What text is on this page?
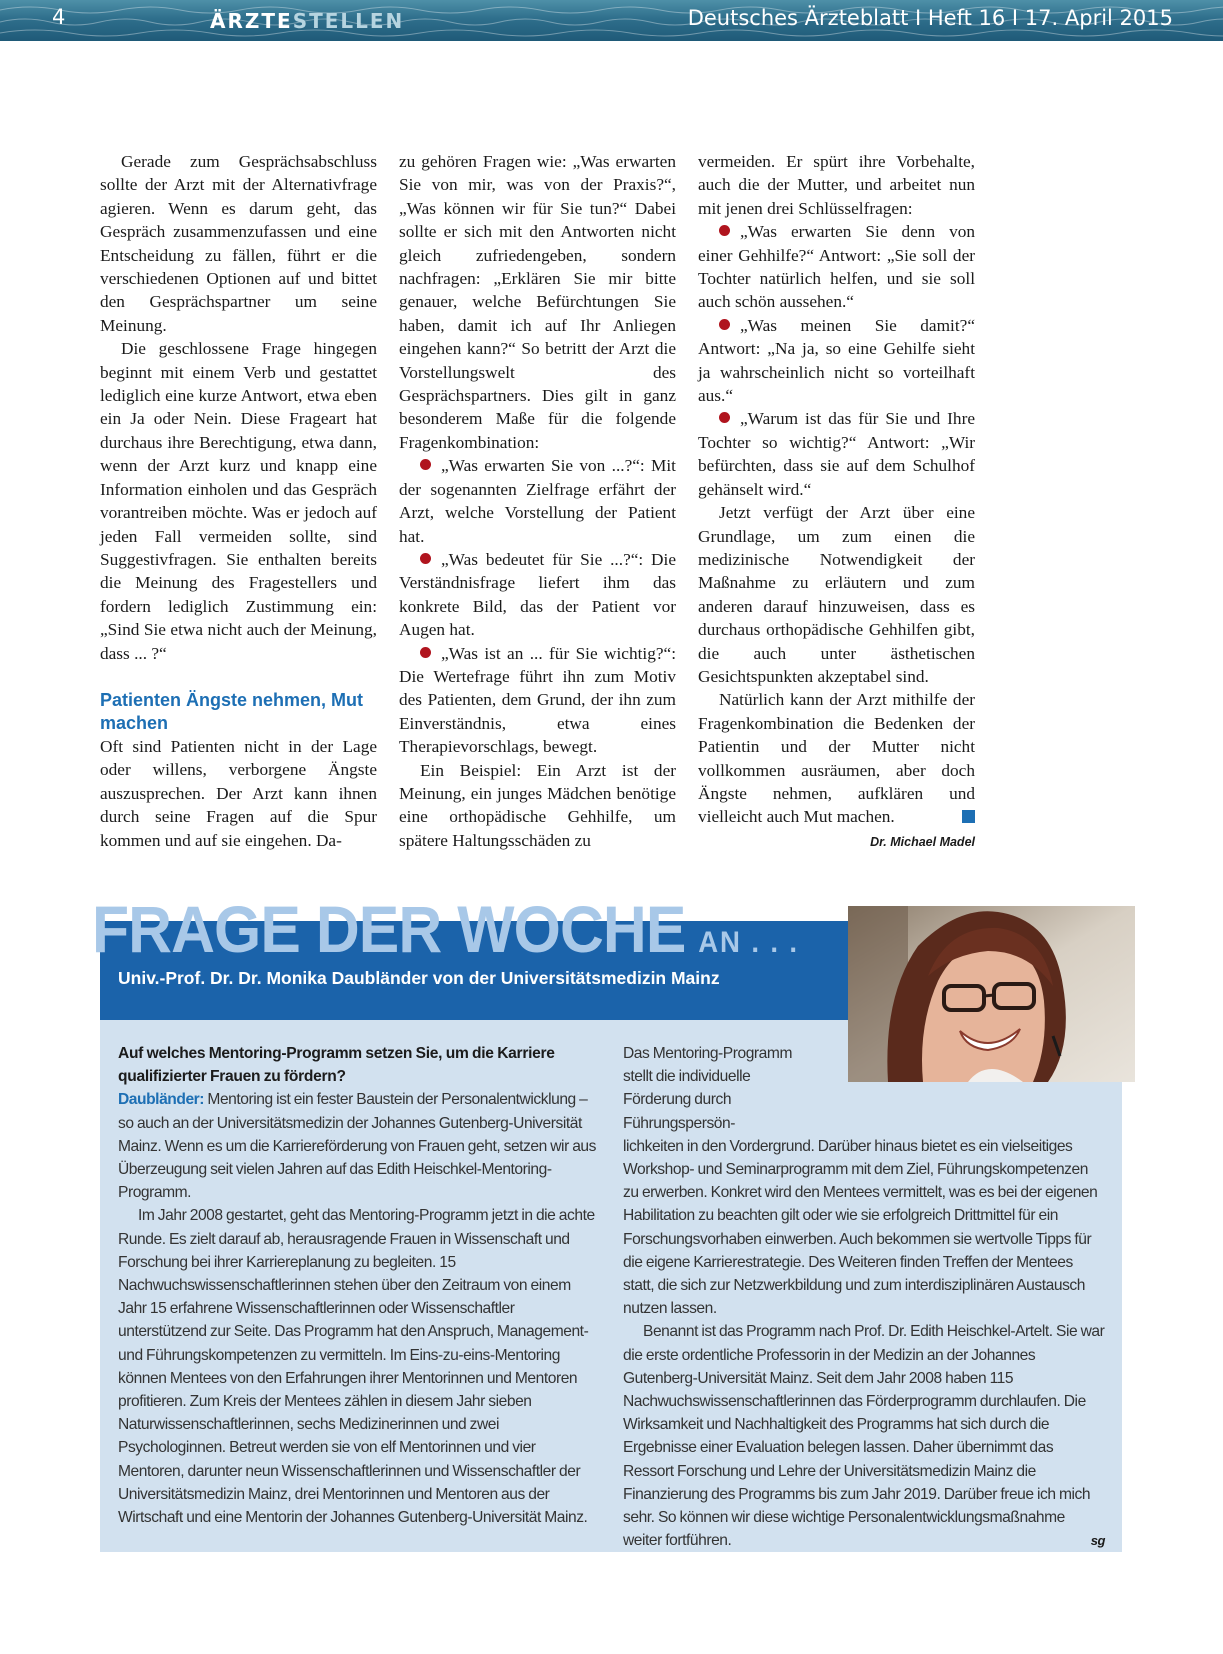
4	ÄRZTESTELLEN	Deutsches Ärzteblatt I Heft 16 I 17. April 2015

Gerade zum Gesprächsabschluss sollte der Arzt mit der Alternativfrage agieren. Wenn es darum geht, das Gespräch zusammenzufassen und eine Entscheidung zu fällen, führt er die verschiedenen Optionen auf und bittet den Gesprächspartner um seine Meinung.

Die geschlossene Frage hingegen beginnt mit einem Verb und gestattet lediglich eine kurze Antwort, etwa eben ein Ja oder Nein. Diese Frageart hat durchaus ihre Berechtigung, etwa dann, wenn der Arzt kurz und knapp eine Information einholen und das Gespräch vorantreiben möchte. Was er jedoch auf jeden Fall vermeiden sollte, sind Suggestivfragen. Sie enthalten bereits die Meinung des Fragestellers und fordern lediglich Zustimmung ein: „Sind Sie etwa nicht auch der Meinung, dass ... ?“

Patienten Ängste nehmen, Mut machen

Oft sind Patienten nicht in der Lage oder willens, verborgene Ängste auszusprechen. Der Arzt kann ihnen durch seine Fragen auf die Spur kommen und auf sie eingehen. Da-

zu gehören Fragen wie: „Was erwarten Sie von mir, was von der Praxis?“, „Was können wir für Sie tun?“ Dabei sollte er sich mit den Antworten nicht gleich zufriedengeben, sondern nachfragen: „Erklären Sie mir bitte genauer, welche Befürchtungen Sie haben, damit ich auf Ihr Anliegen eingehen kann?“ So betritt der Arzt die Vorstellungswelt des Gesprächspartners. Dies gilt in ganz besonderem Maße für die folgende Fragenkombination:

„Was erwarten Sie von ...?“: Mit der sogenannten Zielfrage erfährt der Arzt, welche Vorstellung der Patient hat.

„Was bedeutet für Sie ...?“: Die Verständnisfrage liefert ihm das konkrete Bild, das der Patient vor Augen hat.

„Was ist an ... für Sie wichtig?“: Die Wertefrage führt ihn zum Motiv des Patienten, dem Grund, der ihn zum Einverständnis, etwa eines Therapievorschlags, bewegt.

Ein Beispiel: Ein Arzt ist der Meinung, ein junges Mädchen benötige eine orthopädische Gehhilfe, um spätere Haltungsschäden zu

vermeiden. Er spürt ihre Vorbehalte, auch die der Mutter, und arbeitet nun mit jenen drei Schlüsselfragen:

„Was erwarten Sie denn von einer Gehhilfe?“ Antwort: „Sie soll der Tochter natürlich helfen, und sie soll auch schön aussehen.“

„Was meinen Sie damit?“ Antwort: „Na ja, so eine Gehilfe sieht ja wahrscheinlich nicht so vorteilhaft aus.“

„Warum ist das für Sie und Ihre Tochter so wichtig?“ Antwort: „Wir befürchten, dass sie auf dem Schulhof gehänselt wird.“

Jetzt verfügt der Arzt über eine Grundlage, um zum einen die medizinische Notwendigkeit der Maßnahme zu erläutern und zum anderen darauf hinzuweisen, dass es durchaus orthopädische Gehhilfen gibt, die auch unter ästhetischen Gesichtspunkten akzeptabel sind.

Natürlich kann der Arzt mithilfe der Fragenkombination die Bedenken der Patientin und der Mutter nicht vollkommen ausräumen, aber doch Ängste nehmen, aufklären und vielleicht auch Mut machen.

Dr. Michael Madel
FRAGE DER WOCHE AN . . .
Univ.-Prof. Dr. Dr. Monika Daubländer von der Universitätsmedizin Mainz

Auf welches Mentoring-Programm setzen Sie, um die Karriere qualifizierter Frauen zu fördern?

Daubländer: Mentoring ist ein fester Baustein der Personalentwicklung – so auch an der Universitätsmedizin der Johannes Gutenberg-Universität Mainz. Wenn es um die Karriereförderung von Frauen geht, setzen wir aus Überzeugung seit vielen Jahren auf das Edith Heischkel-Mentoring-Programm.

Im Jahr 2008 gestartet, geht das Mentoring-Programm jetzt in die achte Runde. Es zielt darauf ab, herausragende Frauen in Wissenschaft und Forschung bei ihrer Karriereplanung zu begleiten. 15 Nachwuchswissenschaftlerinnen stehen über den Zeitraum von einem Jahr 15 erfahrene Wissenschaftlerinnen oder Wissenschaftler unterstützend zur Seite. Das Programm hat den Anspruch, Management- und Führungskompetenzen zu vermitteln. Im Eins-zu-eins-Mentoring können Mentees von den Erfahrungen ihrer Mentorinnen und Mentoren profitieren. Zum Kreis der Mentees zählen in diesem Jahr sieben Naturwissenschaftlerinnen, sechs Medizinerinnen und zwei Psychologinnen. Betreut werden sie von elf Mentorinnen und vier Mentoren, darunter neun Wissenschaftlerinnen und Wissenschaftler der Universitätsmedizin Mainz, drei Mentorinnen und Mentoren aus der Wirtschaft und eine Mentorin der Johannes Gutenberg-Universität Mainz.

Das Mentoring-Programm stellt die individuelle Förderung durch Führungspersön-

lichkeiten in den Vordergrund. Darüber hinaus bietet es ein vielseitiges Workshop- und Seminarprogramm mit dem Ziel, Führungskompetenzen zu erwerben. Konkret wird den Mentees vermittelt, was es bei der eigenen Habilitation zu beachten gilt oder wie sie erfolgreich Drittmittel für ein Forschungsvorhaben einwerben. Auch bekommen sie wertvolle Tipps für die eigene Karrierestrategie. Des Weiteren finden Treffen der Mentees statt, die sich zur Netzwerkbildung und zum interdisziplinären Austausch nutzen lassen.

Benannt ist das Programm nach Prof. Dr. Edith Heischkel-Artelt. Sie war die erste ordentliche Professorin in der Medizin an der Johannes Gutenberg-Universität Mainz. Seit dem Jahr 2008 haben 115 Nachwuchswissenschaftlerinnen das Förderprogramm durchlaufen. Die Wirksamkeit und Nachhaltigkeit des Programms hat sich durch die Ergebnisse einer Evaluation belegen lassen. Daher übernimmt das Ressort Forschung und Lehre der Universitätsmedizin Mainz die Finanzierung des Programms bis zum Jahr 2019. Darüber freue ich mich sehr. So können wir diese wichtige Personalentwicklungsmaßnahme weiter fortführen.	sg
